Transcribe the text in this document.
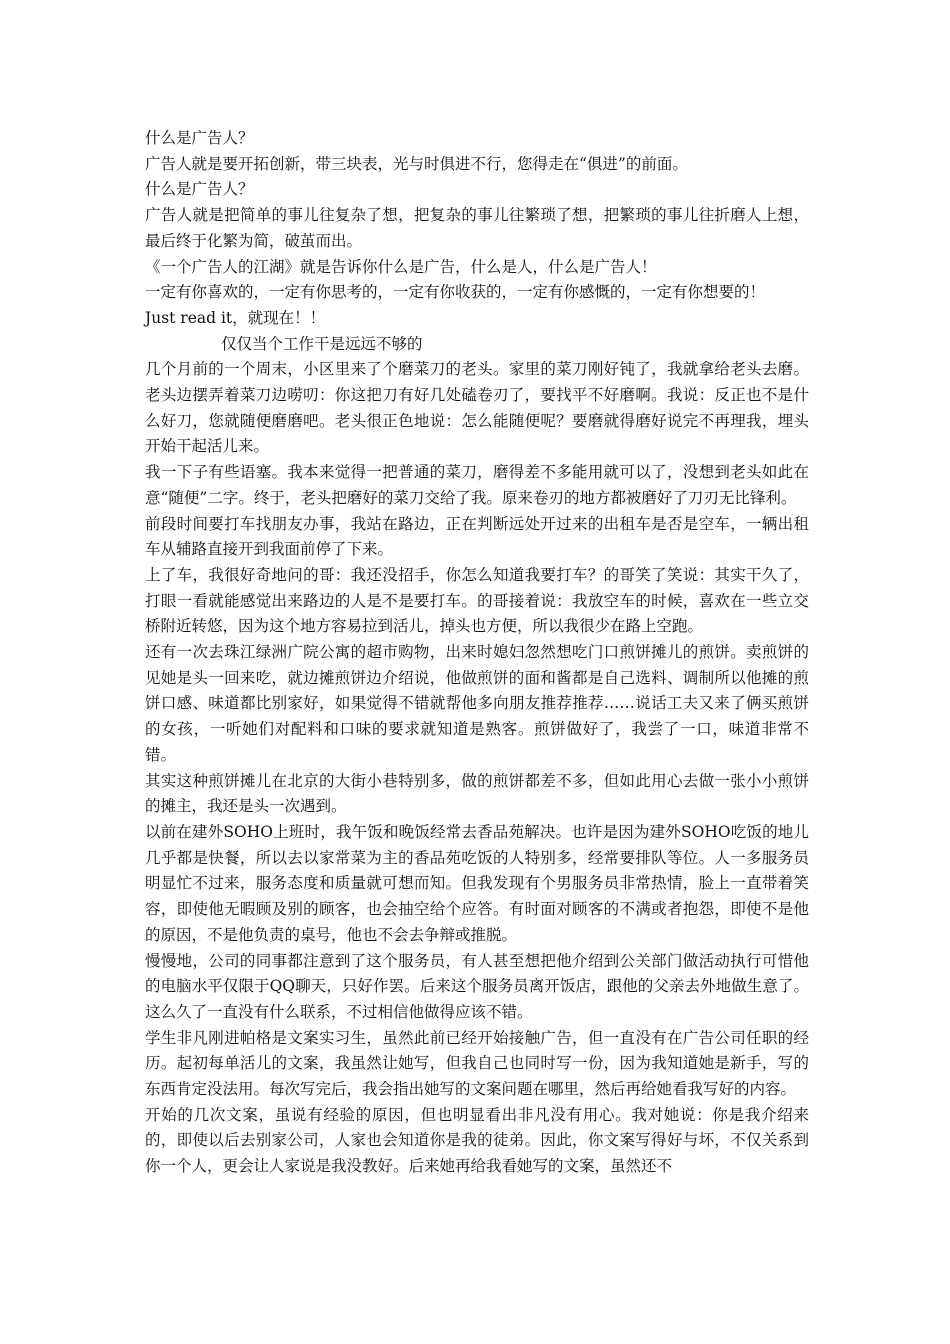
什么是广告人？

广告人就是要开拓创新，带三块表，光与时俱进不行，您得走在“俱进”的前面。

什么是广告人？

广告人就是把简单的事儿往复杂了想，把复杂的事儿往繁琐了想，把繁琐的事儿往折磨人上想，最后终于化繁为简，破茧而出。

《一个广告人的江湖》就是告诉你什么是广告，什么是人，什么是广告人！

一定有你喜欢的，一定有你思考的，一定有你收获的，一定有你感慨的，一定有你想要的！

Just read it，就现在！！

仅仅当个工作干是远远不够的

几个月前的一个周末，小区里来了个磨菜刀的老头。家里的菜刀刚好钝了，我就拿给老头去磨。老头边摆弄着菜刀边唠叨：你这把刀有好几处磕卷刃了，要找平不好磨啊。我说：反正也不是什么好刀，您就随便磨磨吧。老头很正色地说：怎么能随便呢？要磨就得磨好说完不再理我，埋头开始干起活儿来。

我一下子有些语塞。我本来觉得一把普通的菜刀，磨得差不多能用就可以了，没想到老头如此在意“随便”二字。终于，老头把磨好的菜刀交给了我。原来卷刃的地方都被磨好了刀刃无比锋利。

前段时间要打车找朋友办事，我站在路边，正在判断远处开过来的出租车是否是空车，一辆出租车从辅路直接开到我面前停了下来。

上了车，我很好奇地问的哥：我还没招手，你怎么知道我要打车？的哥笑了笑说：其实干久了，打眼一看就能感觉出来路边的人是不是要打车。的哥接着说：我放空车的时候，喜欢在一些立交桥附近转悠，因为这个地方容易拉到活儿，掉头也方便，所以我很少在路上空跑。

还有一次去珠江绿洲广院公寓的超市购物，出来时媳妇忽然想吃门口煎饼摊儿的煎饼。卖煎饼的见她是头一回来吃，就边摊煎饼边介绍说，他做煎饼的面和酱都是自己选料、调制所以他摊的煎饼口感、味道都比别家好，如果觉得不错就帮他多向朋友推荐推荐……说话工夫又来了俩买煎饼的女孩，一听她们对配料和口味的要求就知道是熟客。煎饼做好了，我尝了一口，味道非常不错。

其实这种煎饼摊儿在北京的大街小巷特别多，做的煎饼都差不多，但如此用心去做一张小小煎饼的摊主，我还是头一次遇到。

以前在建外SOHO上班时，我午饭和晚饭经常去香品苑解决。也许是因为建外SOHO吃饭的地儿几乎都是快餐，所以去以家常菜为主的香品苑吃饭的人特别多，经常要排队等位。人一多服务员明显忙不过来，服务态度和质量就可想而知。但我发现有个男服务员非常热情，脸上一直带着笑容，即使他无暇顾及别的顾客，也会抽空给个应答。有时面对顾客的不满或者抱怨，即使不是他的原因，不是他负责的桌号，他也不会去争辩或推脱。

慢慢地，公司的同事都注意到了这个服务员，有人甚至想把他介绍到公关部门做活动执行可惜他的电脑水平仅限于QQ聊天，只好作罢。后来这个服务员离开饭店，跟他的父亲去外地做生意了。这么久了一直没有什么联系，不过相信他做得应该不错。

学生非凡刚进帕格是文案实习生，虽然此前已经开始接触广告，但一直没有在广告公司任职的经历。起初每单活儿的文案，我虽然让她写，但我自己也同时写一份，因为我知道她是新手，写的东西肯定没法用。每次写完后，我会指出她写的文案问题在哪里，然后再给她看我写好的内容。

开始的几次文案，虽说有经验的原因，但也明显看出非凡没有用心。我对她说：你是我介绍来的，即使以后去别家公司，人家也会知道你是我的徒弟。因此，你文案写得好与坏，不仅关系到你一个人，更会让人家说是我没教好。后来她再给我看她写的文案，虽然还不
